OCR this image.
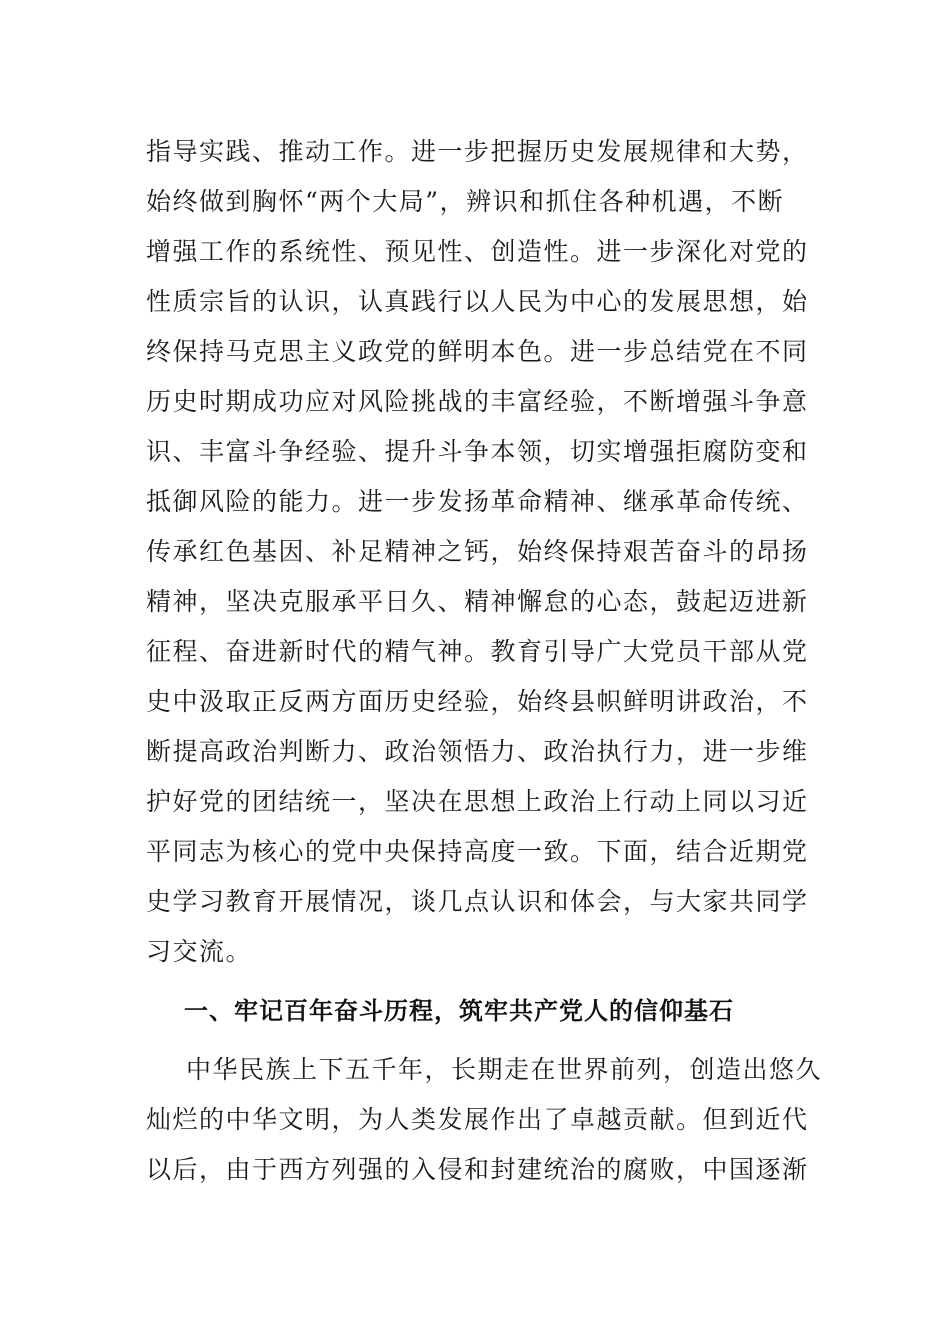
指导实践、推动工作。进一步把握历史发展规律和大势，
始终做到胸怀“两个大局”，辨识和抓住各种机遇，不断
增强工作的系统性、预见性、创造性。进一步深化对党的
性质宗旨的认识，认真践行以人民为中心的发展思想，始
终保持马克思主义政党的鲜明本色。进一步总结党在不同
历史时期成功应对风险挑战的丰富经验，不断增强斗争意
识、丰富斗争经验、提升斗争本领，切实增强拒腐防变和
抵御风险的能力。进一步发扬革命精神、继承革命传统、
传承红色基因、补足精神之钙，始终保持艰苦奋斗的昂扬
精神，坚决克服承平日久、精神懈怠的心态，鼓起迈进新
征程、奋进新时代的精气神。教育引导广大党员干部从党
史中汲取正反两方面历史经验，始终县帜鲜明讲政治，不
断提高政治判断力、政治领悟力、政治执行力，进一步维
护好党的团结统一，坚决在思想上政治上行动上同以习近
平同志为核心的党中央保持高度一致。下面，结合近期党
史学习教育开展情况，谈几点认识和体会，与大家共同学
习交流。
一、牢记百年奋斗历程，筑牢共产党人的信仰基石
中华民族上下五千年，长期走在世界前列，创造出悠久
灿烂的中华文明，为人类发展作出了卓越贡献。但到近代
以后，由于西方列强的入侵和封建统治的腐败，中国逐渐
